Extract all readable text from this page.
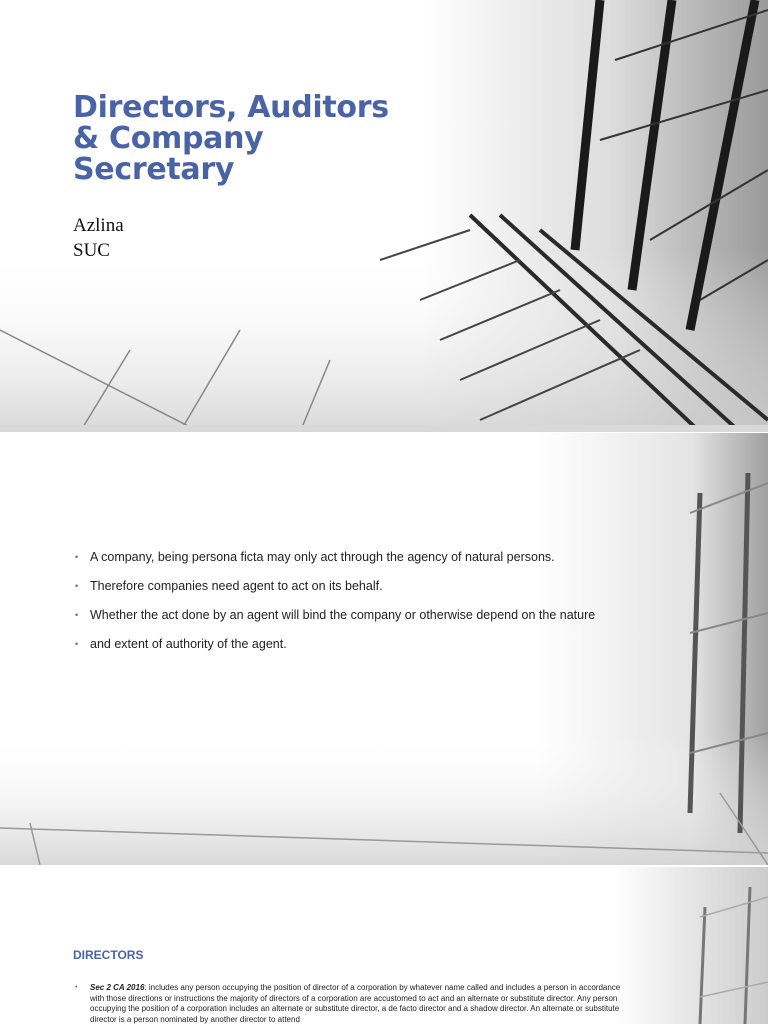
Directors, Auditors
& Company
Secretary
Azlina
SUC
• A company, being persona ficta may only act through the agency of natural persons.
• Therefore companies need agent to act on its behalf.
• Whether the act done by an agent will bind the company or otherwise depend on the nature
• and extent of authority of the agent.
DIRECTORS
• Sec 2 CA 2016: includes any person occupying the position of director of a corporation by whatever name called and includes a person in accordance with those directions or instructions the majority of directors of a corporation are accustomed to act and an alternate or substitute director. Any person occupying the position of a corporation includes an alternate or substitute director, a de facto director and a shadow director. An alternate or substitute director is a person nominated by another director to attend
